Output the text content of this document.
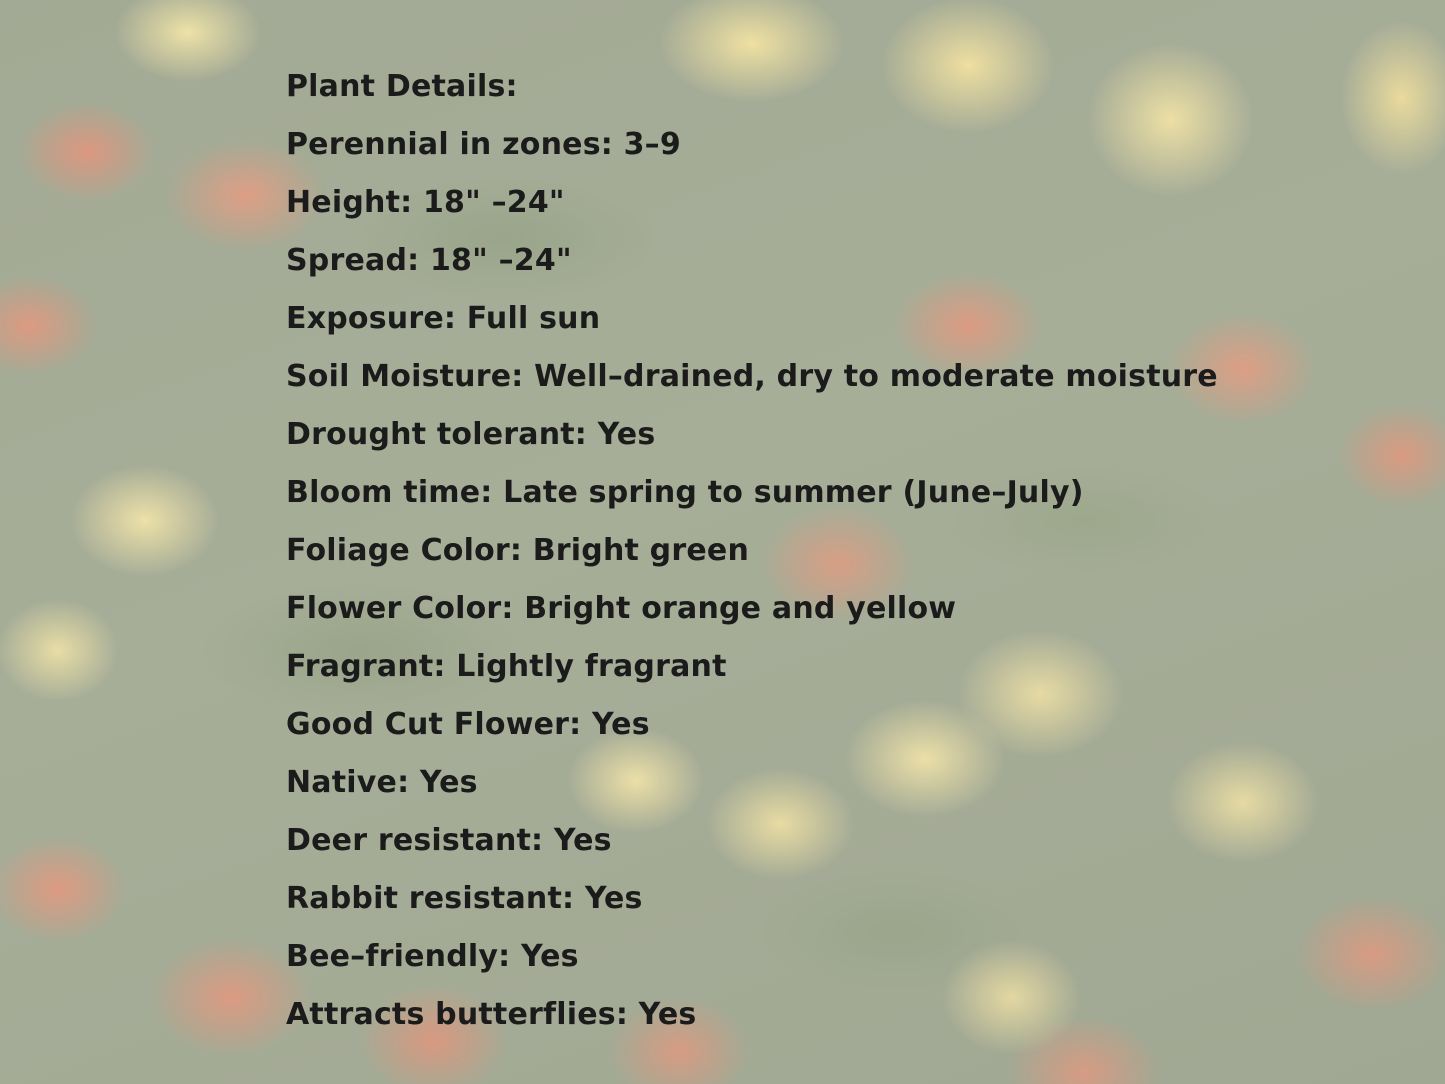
Plant Details:
Perennial in zones: 3–9
Height: 18" –24"
Spread: 18" –24"
Exposure: Full sun
Soil Moisture: Well–drained, dry to moderate moisture
Drought tolerant: Yes
Bloom time: Late spring to summer (June–July)
Foliage Color: Bright green
Flower Color: Bright orange and yellow
Fragrant: Lightly fragrant
Good Cut Flower: Yes
Native: Yes
Deer resistant: Yes
Rabbit resistant: Yes
Bee–friendly: Yes
Attracts butterflies: Yes
